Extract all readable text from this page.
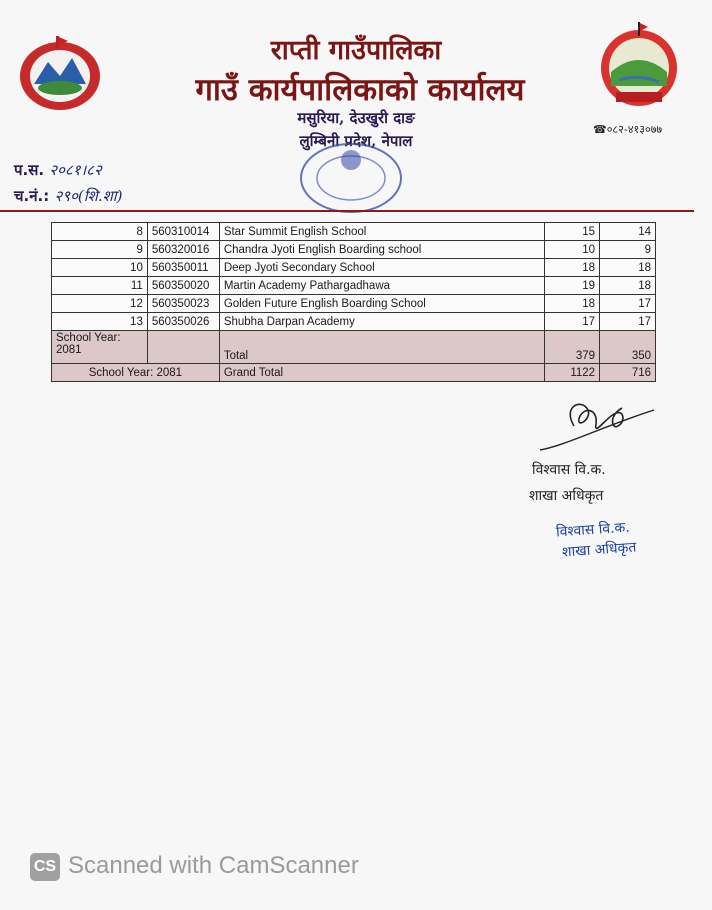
राप्ती गाउँपालिका
गाउँ कार्यपालिकाको कार्यालय
मसुरिया, देउखुरी दाङ
लुम्बिनी प्रदेश, नेपाल
☎०८२-४१३०७७
प.स. २०८१।८२
च.नं.: २९०(शि.शा)
8	560310014	Star Summit English School	15	14
9	560320016	Chandra Jyoti English Boarding school	10	9
10	560350011	Deep Jyoti Secondary School	18	18
11	560350020	Martin Academy Pathargadhawa	19	18
12	560350023	Golden Future English Boarding School	18	17
13	560350026	Shubha Darpan Academy	17	17
School Year: 2081		Total	379	350
School Year: 2081		Grand Total	1122	716
विश्वास वि.क.
शाखा अधिकृत
विश्वास वि.क.
शाखा अधिकृत
CS Scanned with CamScanner
